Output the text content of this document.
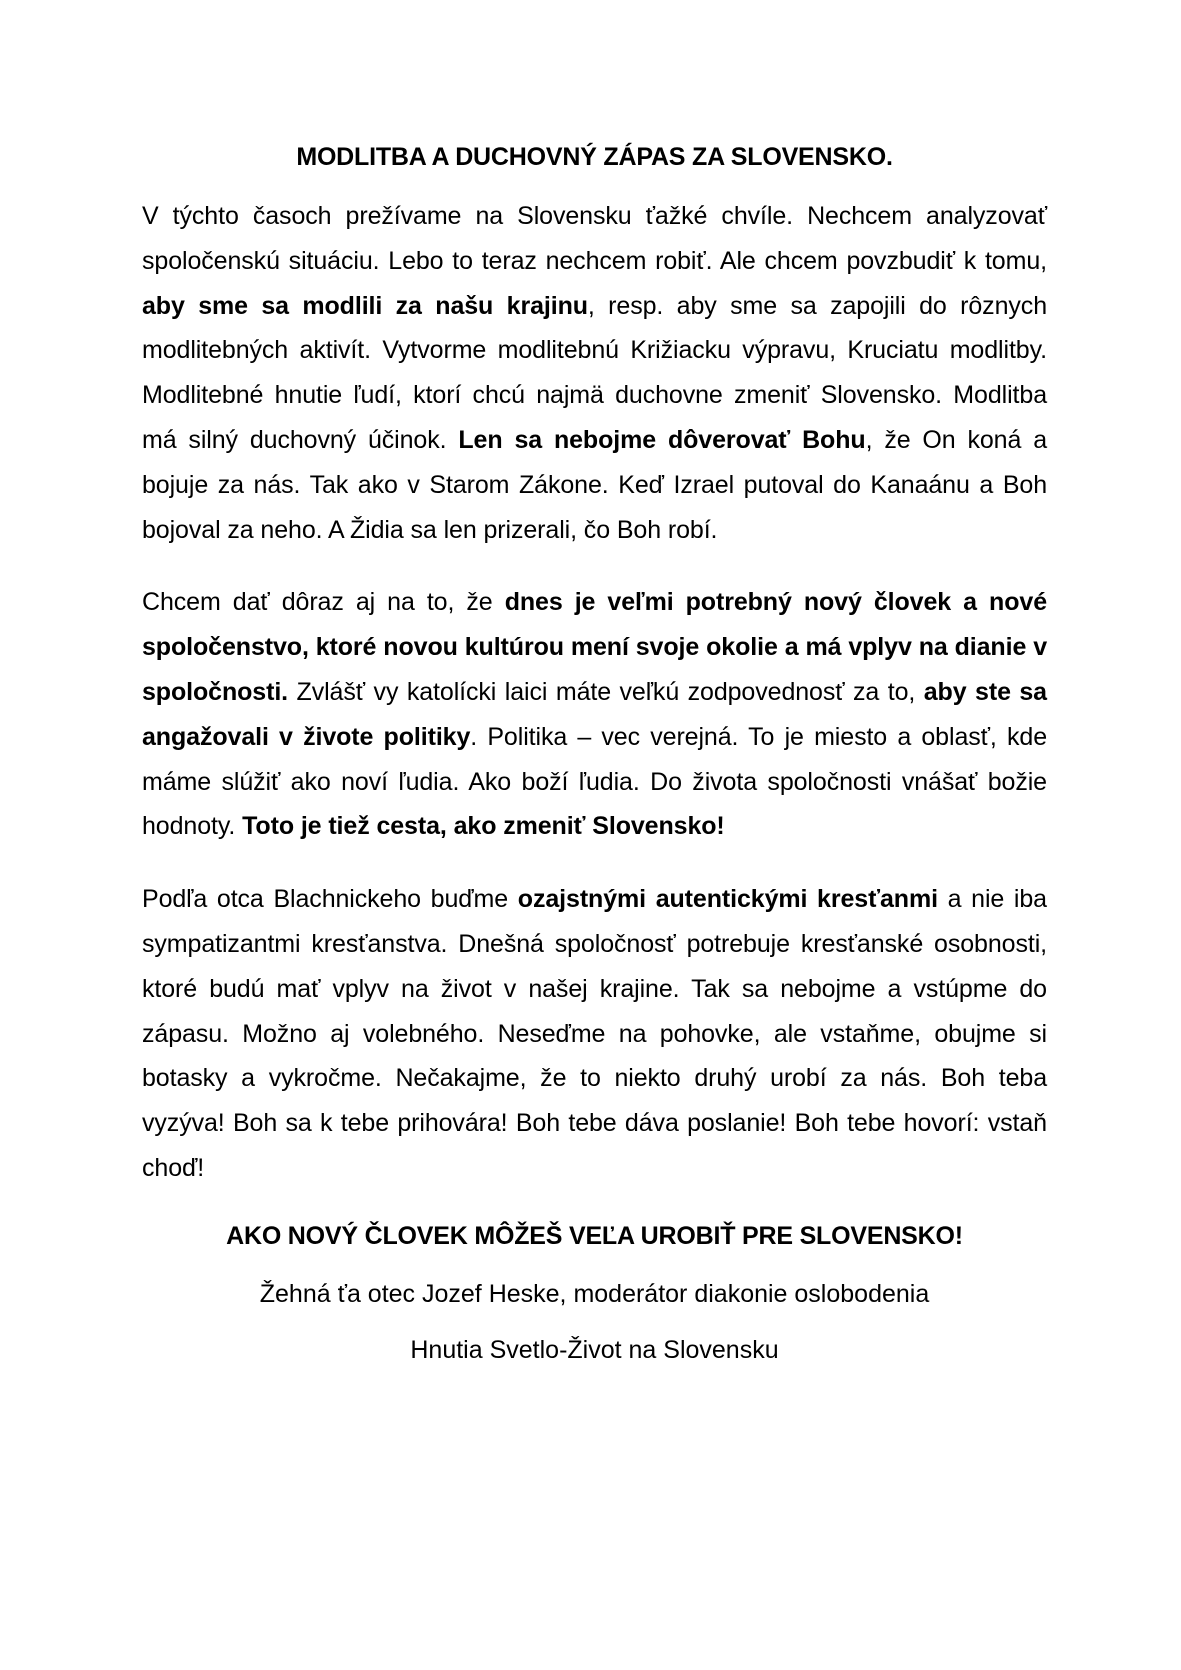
MODLITBA A DUCHOVNÝ ZÁPAS ZA SLOVENSKO.

V týchto časoch prežívame na Slovensku ťažké chvíle. Nechcem analyzovať spoločenskú situáciu. Lebo to teraz nechcem robiť. Ale chcem povzbudiť k tomu, aby sme sa modlili za našu krajinu, resp. aby sme sa zapojili do rôznych modlitebných aktivít. Vytvorme modlitebnú Križiacku výpravu, Kruciatu modlitby. Modlitebné hnutie ľudí, ktorí chcú najmä duchovne zmeniť Slovensko. Modlitba má silný duchovný účinok. Len sa nebojme dôverovať Bohu, že On koná a bojuje za nás. Tak ako v Starom Zákone. Keď Izrael putoval do Kanaánu a Boh bojoval za neho. A Židia sa len prizerali, čo Boh robí.

Chcem dať dôraz aj na to, že dnes je veľmi potrebný nový človek a nové spoločenstvo, ktoré novou kultúrou mení svoje okolie a má vplyv na dianie v spoločnosti. Zvlášť vy katolícki laici máte veľkú zodpovednosť za to, aby ste sa angažovali v živote politiky. Politika – vec verejná. To je miesto a oblasť, kde máme slúžiť ako noví ľudia. Ako boží ľudia. Do života spoločnosti vnášať božie hodnoty. Toto je tiež cesta, ako zmeniť Slovensko!

Podľa otca Blachnickeho buďme ozajstnými autentickými kresťanmi a nie iba sympatizantmi kresťanstva. Dnešná spoločnosť potrebuje kresťanské osobnosti, ktoré budú mať vplyv na život v našej krajine. Tak sa nebojme a vstúpme do zápasu. Možno aj volebného. Neseďme na pohovke, ale vstaňme, obujme si botasky a vykročme. Nečakajme, že to niekto druhý urobí za nás. Boh teba vyzýva! Boh sa k tebe prihovára! Boh tebe dáva poslanie! Boh tebe hovorí: vstaň choď!

AKO NOVÝ ČLOVEK MÔŽEŠ VEĽA UROBIŤ PRE SLOVENSKO!
Žehná ťa otec Jozef Heske, moderátor diakonie oslobodenia
Hnutia Svetlo-Život na Slovensku
